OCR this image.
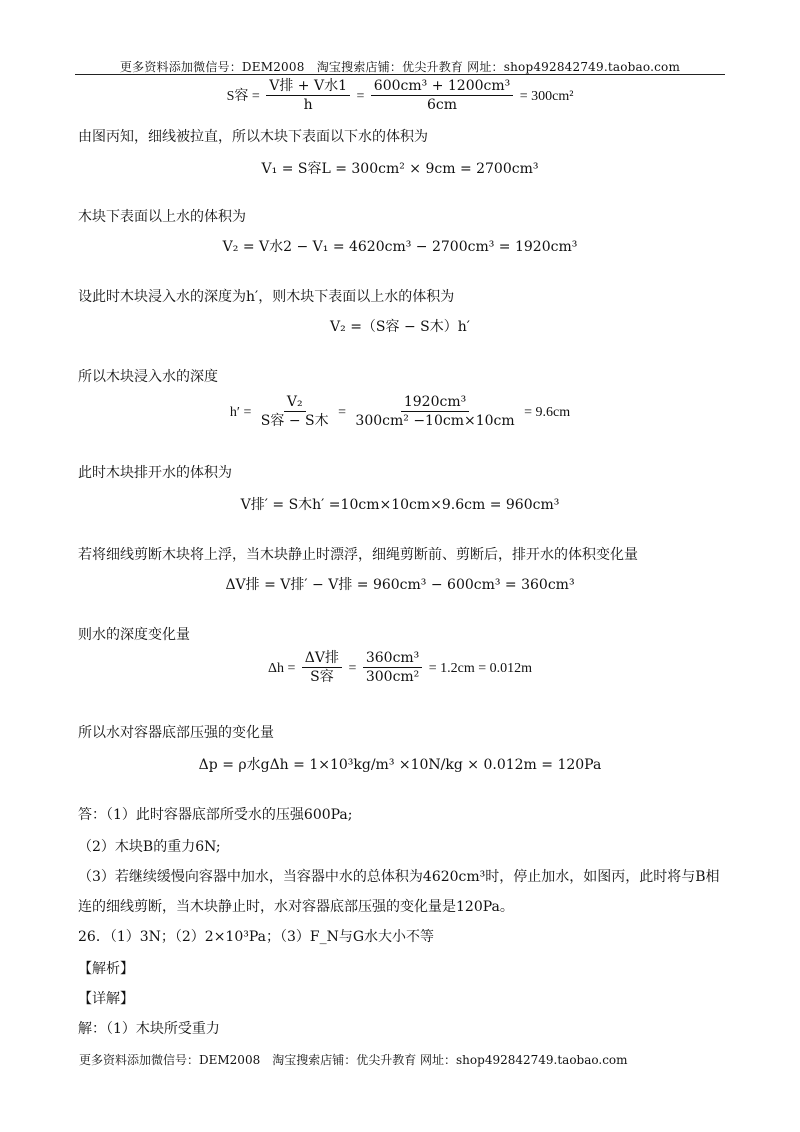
更多资料添加微信号：DEM2008　淘宝搜索店铺：优尖升教育 网址：shop492842749.taobao.com
S容 = $\frac{\text{V排 + V水1}}{h} = \frac{\text{600cm³ + 1200cm³}}{6cm} = 300cm^2$
由图丙知，细线被拉直，所以木块下表面以下水的体积为
V₁ = S容L = 300cm² × 9cm = 2700cm³
木块下表面以上水的体积为
V₂ = V水2 − V₁ = 4620cm³ − 2700cm³ = 1920cm³
设此时木块浸入水的深度为h′，则木块下表面以上水的体积为
V₂ =（S容 − S木）h′
所以木块浸入水的深度
$h' = \frac{\text{V₂}}{\text{S容 − S木}} = \frac{\text{1920cm³}}{\text{300cm² −10cm×10cm}} = 9.6cm$
此时木块排开水的体积为
V排′ = S木h′ =10cm×10cm×9.6cm = 960cm³
若将细线剪断木块将上浮，当木块静止时漂浮，细绳剪断前、剪断后，排开水的体积变化量
ΔV排 = V排′ − V排 = 960cm³ − 600cm³ = 360cm³
则水的深度变化量
$\Delta h = \frac{\text{ΔV排}}{\text{S容}} = \frac{\text{360cm³}}{\text{300cm²}} = 1.2cm = 0.012m$
所以水对容器底部压强的变化量
Δp = ρ水gΔh = 1×10³kg/m³ ×10N/kg × 0.012m = 120Pa
答：（1）此时容器底部所受水的压强600Pa;
（2）木块B的重力6N;
（3）若继续缓慢向容器中加水，当容器中水的总体积为4620cm³时，停止加水，如图丙，此时将与B相
连的细线剪断，当木块静止时，水对容器底部压强的变化量是120Pa。
26．（1）3N；（2）2×10³Pa；（3）F_N与G水大小不等
【解析】
【详解】
解：（1）木块所受重力
更多资料添加微信号：DEM2008　淘宝搜索店铺：优尖升教育 网址：shop492842749.taobao.com
